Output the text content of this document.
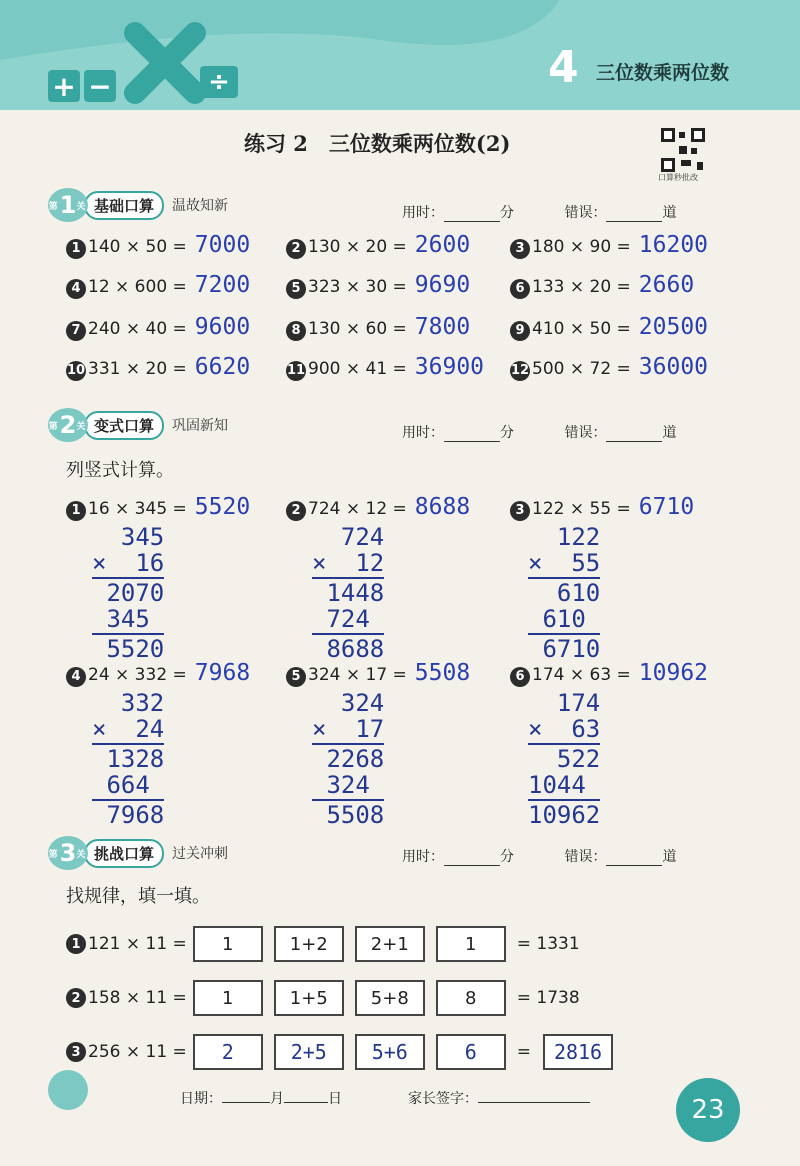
+ −	÷	4 三位数乘两位数
练习 2　三位数乘两位数(2)
口算秒批改
第 1 关 基础口算	温故知新	用时：	分	错误：	道
1 140 × 50 = 7000	2 130 × 20 = 2600	3 180 × 90 = 16200
4 12 × 600 = 7200	5 323 × 30 = 9690	6 133 × 20 = 2660
7 240 × 40 = 9600	8 130 × 60 = 7800	9 410 × 50 = 20500
10 331 × 20 = 6620	11 900 × 41 = 36900 12 500 × 72 = 36000
第 2 关 变式口算	巩固新知	用时：	分	错误：	道
列竖式计算。
1 16 × 345 = 5520
345
×  16
2070
345
5520
2 724 × 12 = 8688
724
×  12
1448
724
8688
3 122 × 55 = 6710
122
×  55
610
610
6710
4 24 × 332 = 7968
332
×  24
1328
664
7968
5 324 × 17 = 5508
324
×  17
2268
324
5508
6 174 × 63 = 10962
174
×  63
522
1044
10962
第 3 关 挑战口算	过关冲刺	用时：	分	错误：	道
找规律，填一填。
1 121 × 11 =	1	1+2	2+1	1	= 1331
2 158 × 11 =	1	1+5	5+8	8	= 1738
3 256 × 11 =	2	2+5	5+6	6	=	2816
日期：	月	日	家长签字：	23
